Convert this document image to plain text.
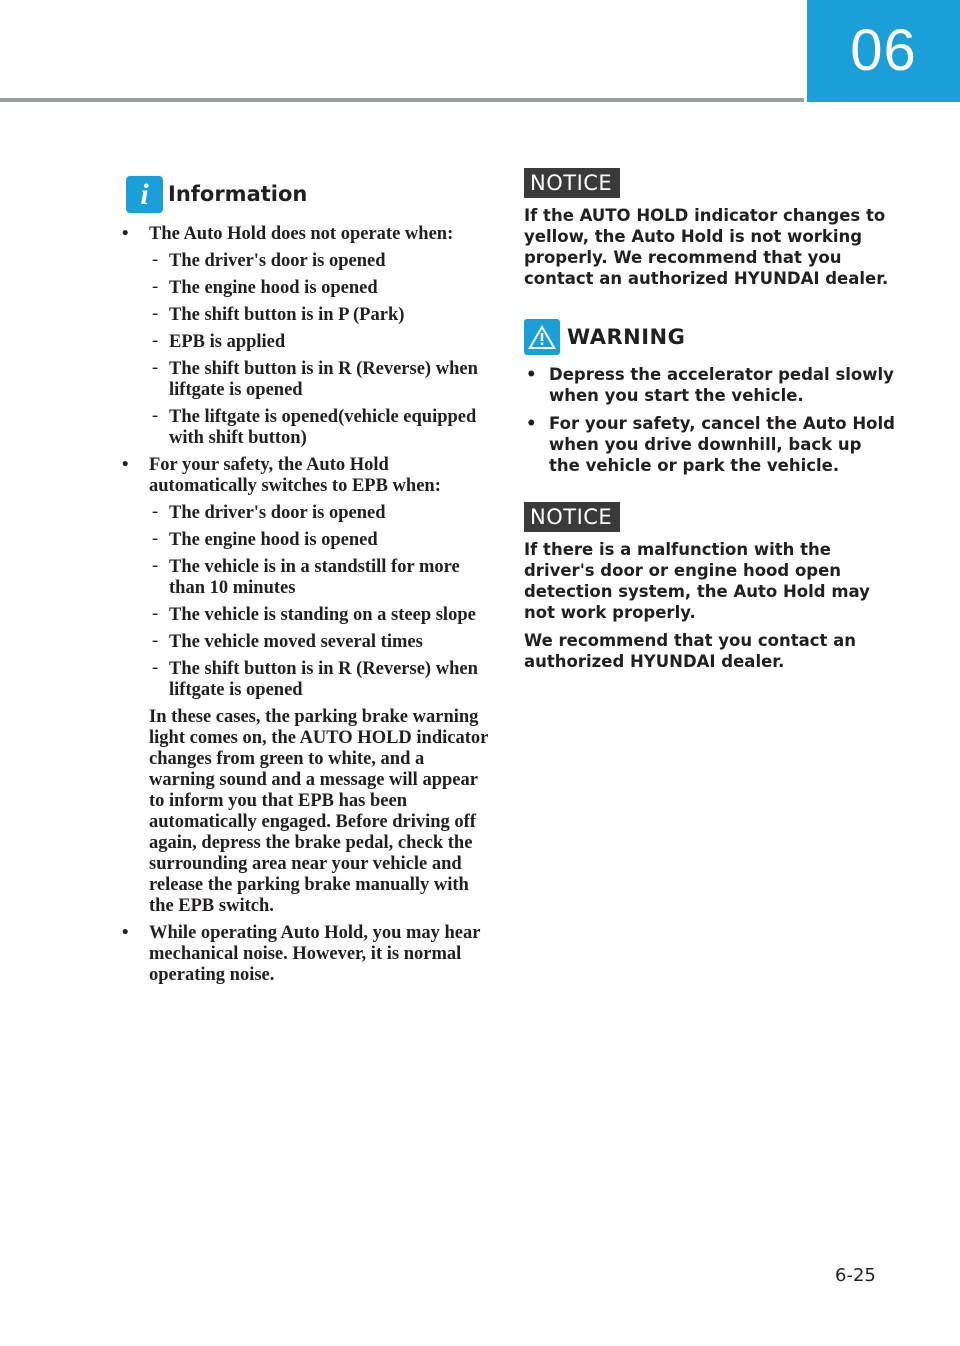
06
i Information
• The Auto Hold does not operate when:
- The driver's door is opened
- The engine hood is opened
- The shift button is in P (Park)
- EPB is applied
- The shift button is in R (Reverse) when liftgate is opened
- The liftgate is opened(vehicle equipped with shift button)
• For your safety, the Auto Hold automatically switches to EPB when:
- The driver's door is opened
- The engine hood is opened
- The vehicle is in a standstill for more than 10 minutes
- The vehicle is standing on a steep slope
- The vehicle moved several times
- The shift button is in R (Reverse) when liftgate is opened
In these cases, the parking brake warning light comes on, the AUTO HOLD indicator changes from green to white, and a warning sound and a message will appear to inform you that EPB has been automatically engaged. Before driving off again, depress the brake pedal, check the surrounding area near your vehicle and release the parking brake manually with the EPB switch.
• While operating Auto Hold, you may hear mechanical noise. However, it is normal operating noise.
NOTICE

If the AUTO HOLD indicator changes to yellow, the Auto Hold is not working properly. We recommend that you contact an authorized HYUNDAI dealer.

WARNING
• Depress the accelerator pedal slowly when you start the vehicle.
• For your safety, cancel the Auto Hold when you drive downhill, back up the vehicle or park the vehicle.
NOTICE

If there is a malfunction with the driver's door or engine hood open detection system, the Auto Hold may not work properly.

We recommend that you contact an authorized HYUNDAI dealer.

6-25
